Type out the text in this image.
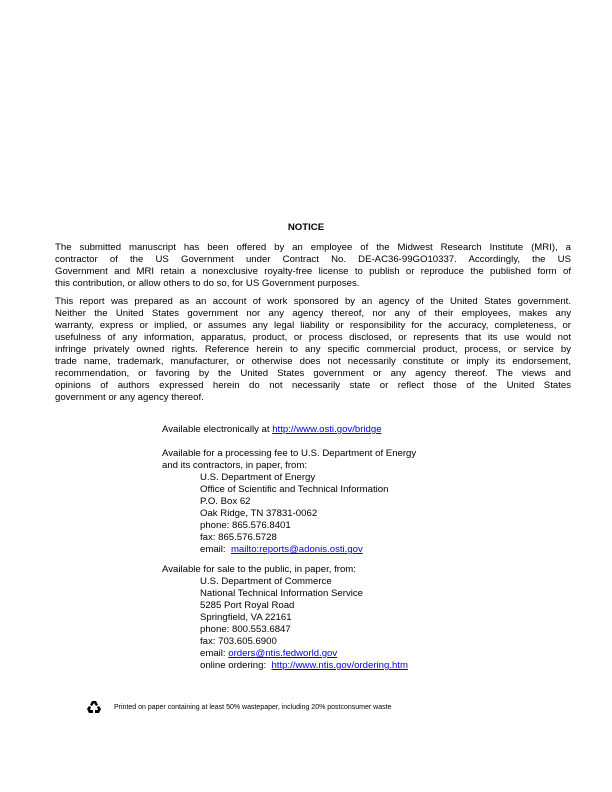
NOTICE
The submitted manuscript has been offered by an employee of the Midwest Research Institute (MRI), a
contractor of the US Government under Contract No. DE-AC36-99GO10337. Accordingly, the US
Government and MRI retain a nonexclusive royalty-free license to publish or reproduce the published form of
this contribution, or allow others to do so, for US Government purposes.
This report was prepared as an account of work sponsored by an agency of the United States government.
Neither the United States government nor any agency thereof, nor any of their employees, makes any
warranty, express or implied, or assumes any legal liability or responsibility for the accuracy, completeness, or
usefulness of any information, apparatus, product, or process disclosed, or represents that its use would not
infringe privately owned rights. Reference herein to any specific commercial product, process, or service by
trade name, trademark, manufacturer, or otherwise does not necessarily constitute or imply its endorsement,
recommendation, or favoring by the United States government or any agency thereof. The views and
opinions of authors expressed herein do not necessarily state or reflect those of the United States
government or any agency thereof.
Available electronically at http://www.osti.gov/bridge
Available for a processing fee to U.S. Department of Energy
and its contractors, in paper, from:
U.S. Department of Energy
Office of Scientific and Technical Information
P.O. Box 62
Oak Ridge, TN 37831-0062
phone: 865.576.8401
fax: 865.576.5728
email:  mailto:reports@adonis.osti.gov
Available for sale to the public, in paper, from:
U.S. Department of Commerce
National Technical Information Service
5285 Port Royal Road
Springfield, VA 22161
phone: 800.553.6847
fax: 703.605.6900
email: orders@ntis.fedworld.gov
online ordering:  http://www.ntis.gov/ordering.htm
Printed on paper containing at least 50% wastepaper, including 20% postconsumer waste
